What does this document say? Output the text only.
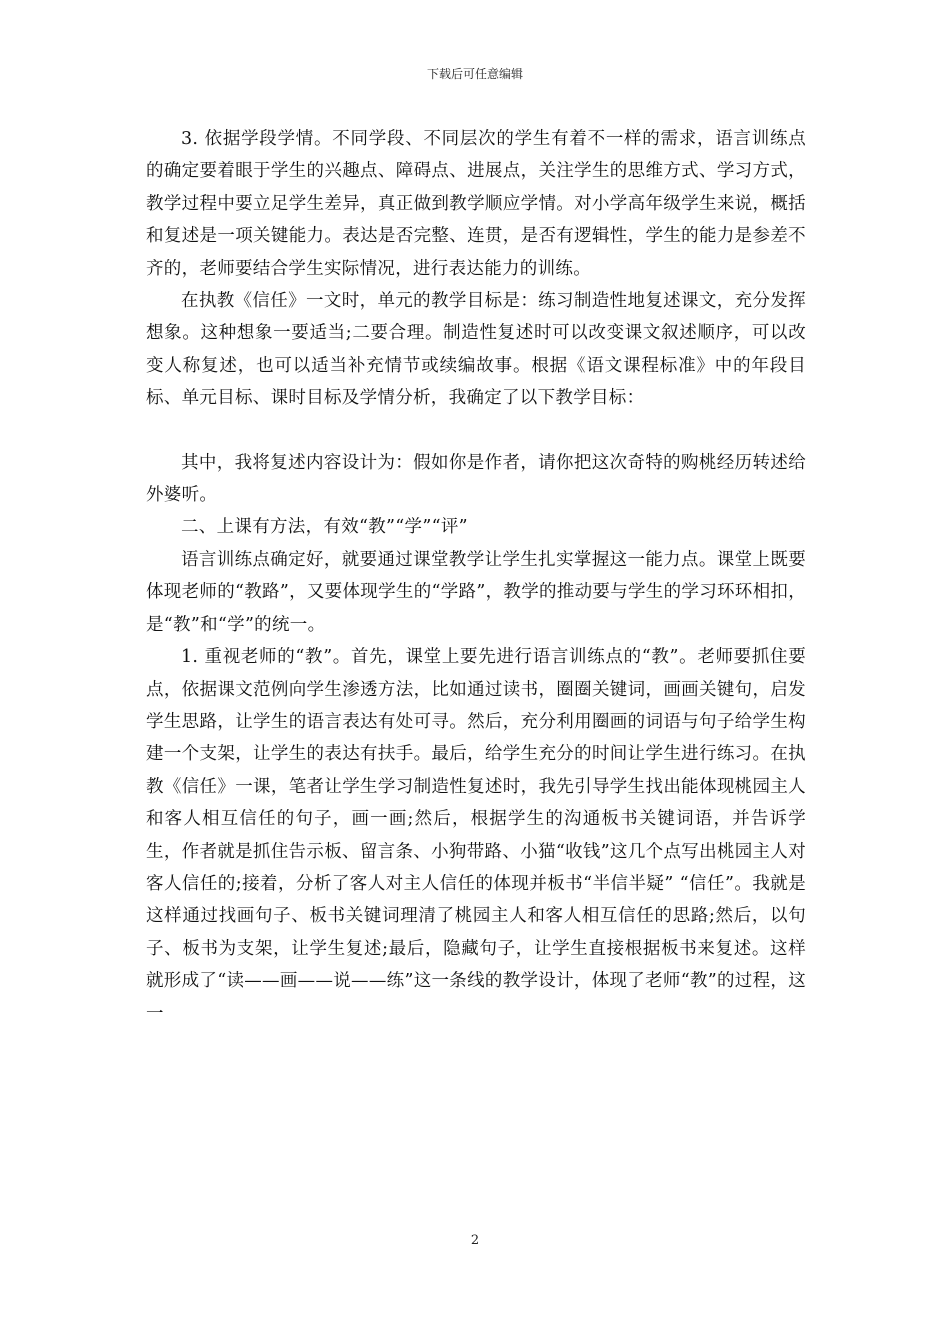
下载后可任意编辑

3. 依据学段学情。不同学段、不同层次的学生有着不一样的需求，语言训练点的确定要着眼于学生的兴趣点、障碍点、进展点，关注学生的思维方式、学习方式，教学过程中要立足学生差异，真正做到教学顺应学情。对小学高年级学生来说，概括和复述是一项关键能力。表达是否完整、连贯，是否有逻辑性，学生的能力是参差不齐的，老师要结合学生实际情况，进行表达能力的训练。

在执教《信任》一文时，单元的教学目标是：练习制造性地复述课文，充分发挥想象。这种想象一要适当;二要合理。制造性复述时可以改变课文叙述顺序，可以改变人称复述，也可以适当补充情节或续编故事。根据《语文课程标准》中的年段目标、单元目标、课时目标及学情分析，我确定了以下教学目标：

其中，我将复述内容设计为：假如你是作者，请你把这次奇特的购桃经历转述给外婆听。

二、上课有方法，有效“教”“学”“评”

语言训练点确定好，就要通过课堂教学让学生扎实掌握这一能力点。课堂上既要体现老师的“教路”，又要体现学生的“学路”，教学的推动要与学生的学习环环相扣，是“教”和“学”的统一。

1. 重视老师的“教”。首先，课堂上要先进行语言训练点的“教”。老师要抓住要点，依据课文范例向学生渗透方法，比如通过读书，圈圈关键词，画画关键句，启发学生思路，让学生的语言表达有处可寻。然后，充分利用圈画的词语与句子给学生构建一个支架，让学生的表达有扶手。最后，给学生充分的时间让学生进行练习。在执教《信任》一课，笔者让学生学习制造性复述时，我先引导学生找出能体现桃园主人和客人相互信任的句子，画一画;然后，根据学生的沟通板书关键词语，并告诉学生，作者就是抓住告示板、留言条、小狗带路、小猫“收钱”这几个点写出桃园主人对客人信任的;接着，分析了客人对主人信任的体现并板书“半信半疑” “信任”。我就是这样通过找画句子、板书关键词理清了桃园主人和客人相互信任的思路;然后，以句子、板书为支架，让学生复述;最后，隐藏句子，让学生直接根据板书来复述。这样就形成了“读——画——说——练”这一条线的教学设计，体现了老师“教”的过程，这一

2
